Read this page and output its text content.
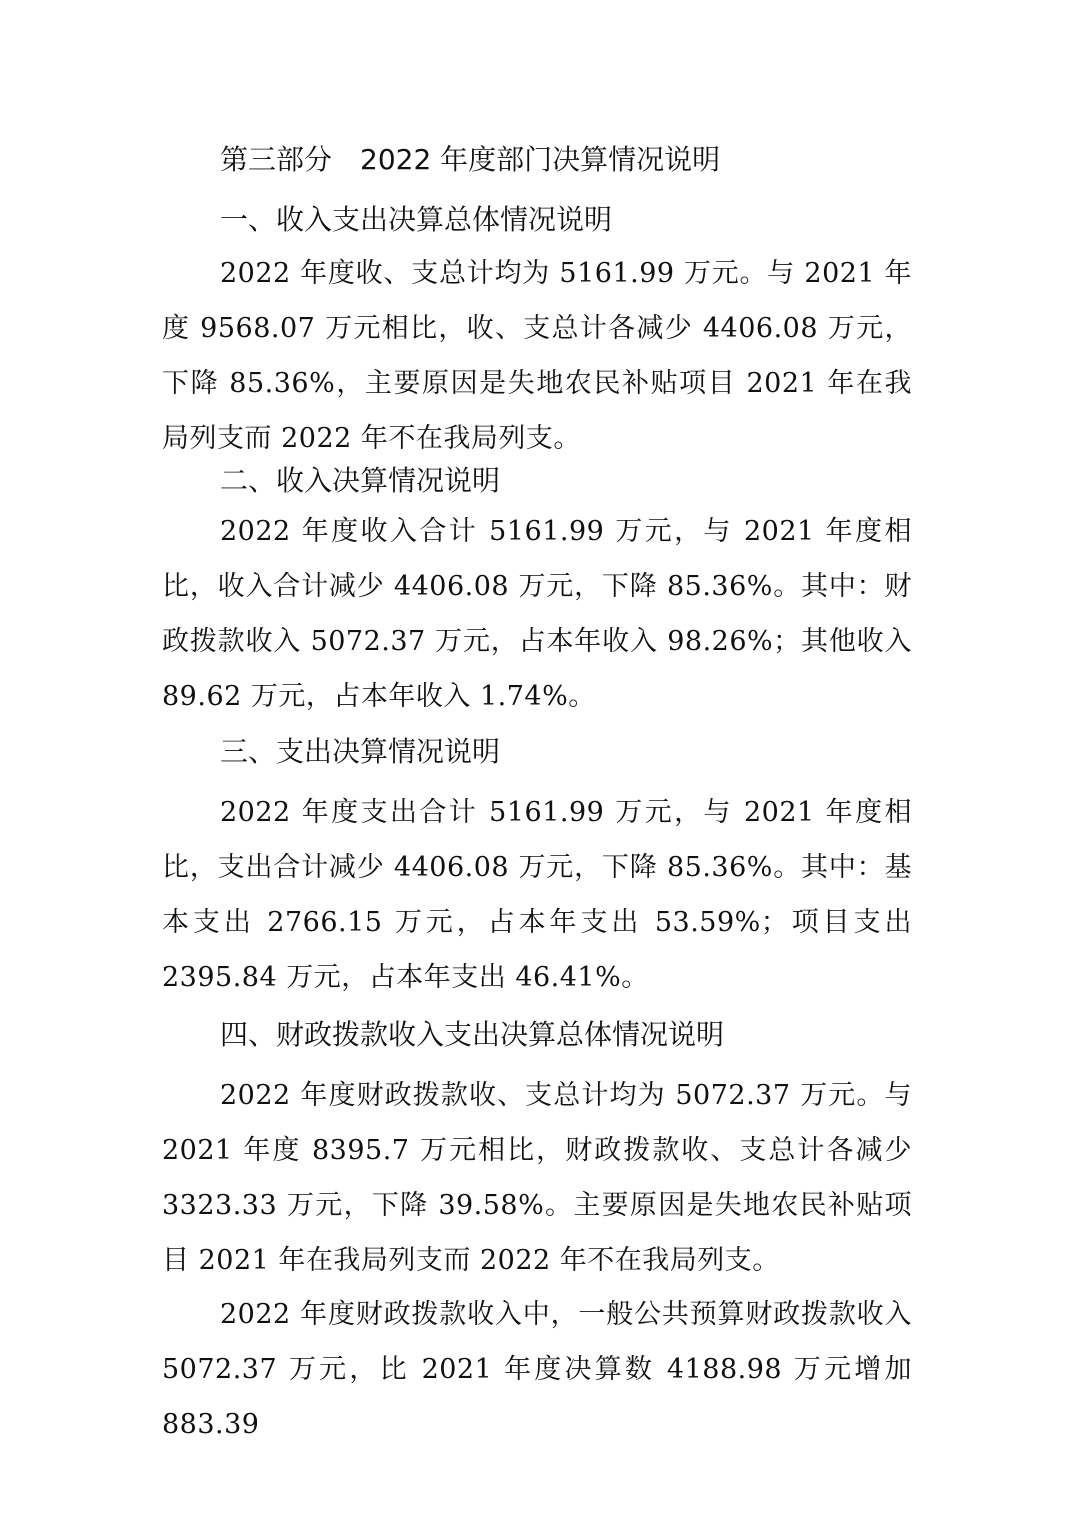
第三部分　2022 年度部门决算情况说明
一、收入支出决算总体情况说明
2022 年度收、支总计均为 5161.99 万元。与 2021 年度 9568.07 万元相比，收、支总计各减少 4406.08 万元，下降 85.36%，主要原因是失地农民补贴项目 2021 年在我局列支而 2022 年不在我局列支。
二、收入决算情况说明
2022 年度收入合计 5161.99 万元，与 2021 年度相比，收入合计减少 4406.08 万元，下降 85.36%。其中：财政拨款收入 5072.37 万元，占本年收入 98.26%；其他收入 89.62 万元，占本年收入 1.74%。
三、支出决算情况说明
2022 年度支出合计 5161.99 万元，与 2021 年度相比，支出合计减少 4406.08 万元，下降 85.36%。其中：基本支出 2766.15 万元，占本年支出 53.59%；项目支出 2395.84 万元，占本年支出 46.41%。
四、财政拨款收入支出决算总体情况说明
2022 年度财政拨款收、支总计均为 5072.37 万元。与 2021 年度 8395.7 万元相比，财政拨款收、支总计各减少 3323.33 万元，下降 39.58%。主要原因是失地农民补贴项目 2021 年在我局列支而 2022 年不在我局列支。
2022 年度财政拨款收入中，一般公共预算财政拨款收入 5072.37 万元，比 2021 年度决算数 4188.98 万元增加 883.39
